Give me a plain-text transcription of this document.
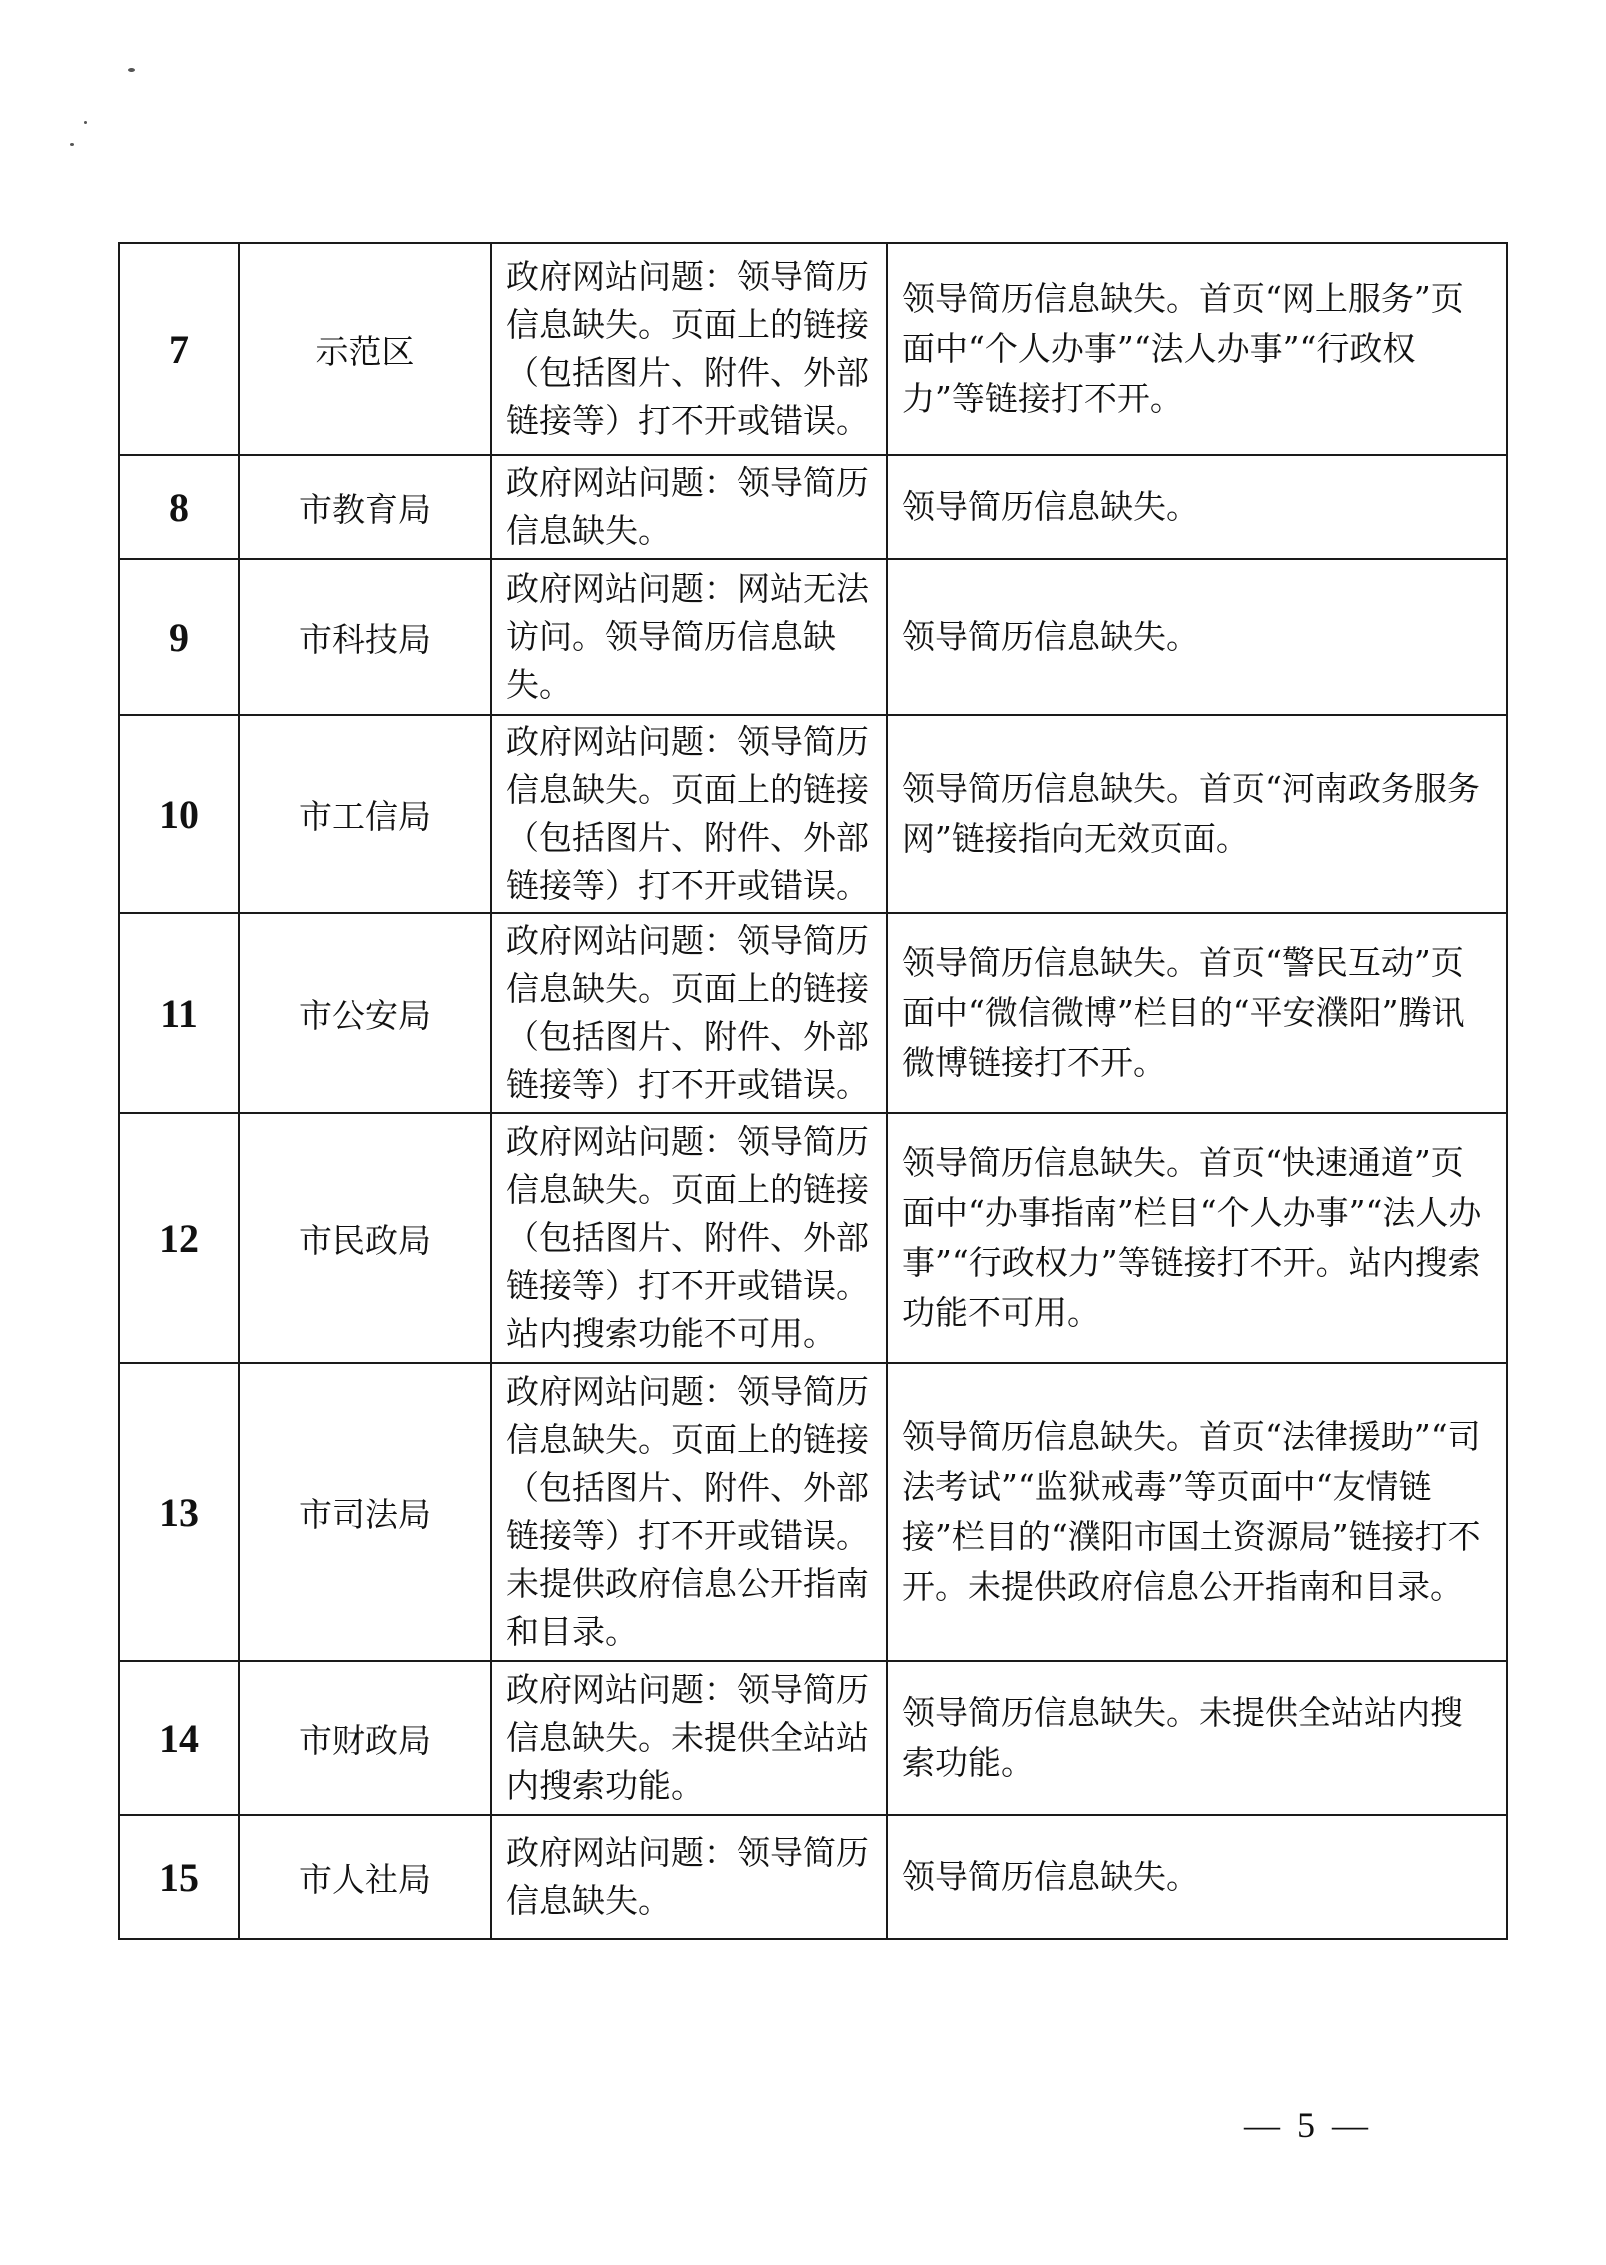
7	示范区	政府网站问题：领导简历信息缺失。页面上的链接（包括图片、附件、外部链接等）打不开或错误。	领导简历信息缺失。首页“网上服务”页面中“个人办事”“法人办事”“行政权力”等链接打不开。
8	市教育局	政府网站问题：领导简历信息缺失。	领导简历信息缺失。
9	市科技局	政府网站问题：网站无法访问。领导简历信息缺失。	领导简历信息缺失。
10	市工信局	政府网站问题：领导简历信息缺失。页面上的链接（包括图片、附件、外部链接等）打不开或错误。	领导简历信息缺失。首页“河南政务服务网”链接指向无效页面。
11	市公安局	政府网站问题：领导简历信息缺失。页面上的链接（包括图片、附件、外部链接等）打不开或错误。	领导简历信息缺失。首页“警民互动”页面中“微信微博”栏目的“平安濮阳”腾讯微博链接打不开。
12	市民政局	政府网站问题：领导简历信息缺失。页面上的链接（包括图片、附件、外部链接等）打不开或错误。站内搜索功能不可用。	领导简历信息缺失。首页“快速通道”页面中“办事指南”栏目“个人办事”“法人办事”“行政权力”等链接打不开。站内搜索功能不可用。
13	市司法局	政府网站问题：领导简历信息缺失。页面上的链接（包括图片、附件、外部链接等）打不开或错误。未提供政府信息公开指南和目录。	领导简历信息缺失。首页“法律援助”“司法考试”“监狱戒毒”等页面中“友情链接”栏目的“濮阳市国土资源局”链接打不开。未提供政府信息公开指南和目录。
14	市财政局	政府网站问题：领导简历信息缺失。未提供全站站内搜索功能。	领导简历信息缺失。未提供全站站内搜索功能。
15	市人社局	政府网站问题：领导简历信息缺失。	领导简历信息缺失。
— 5 —
